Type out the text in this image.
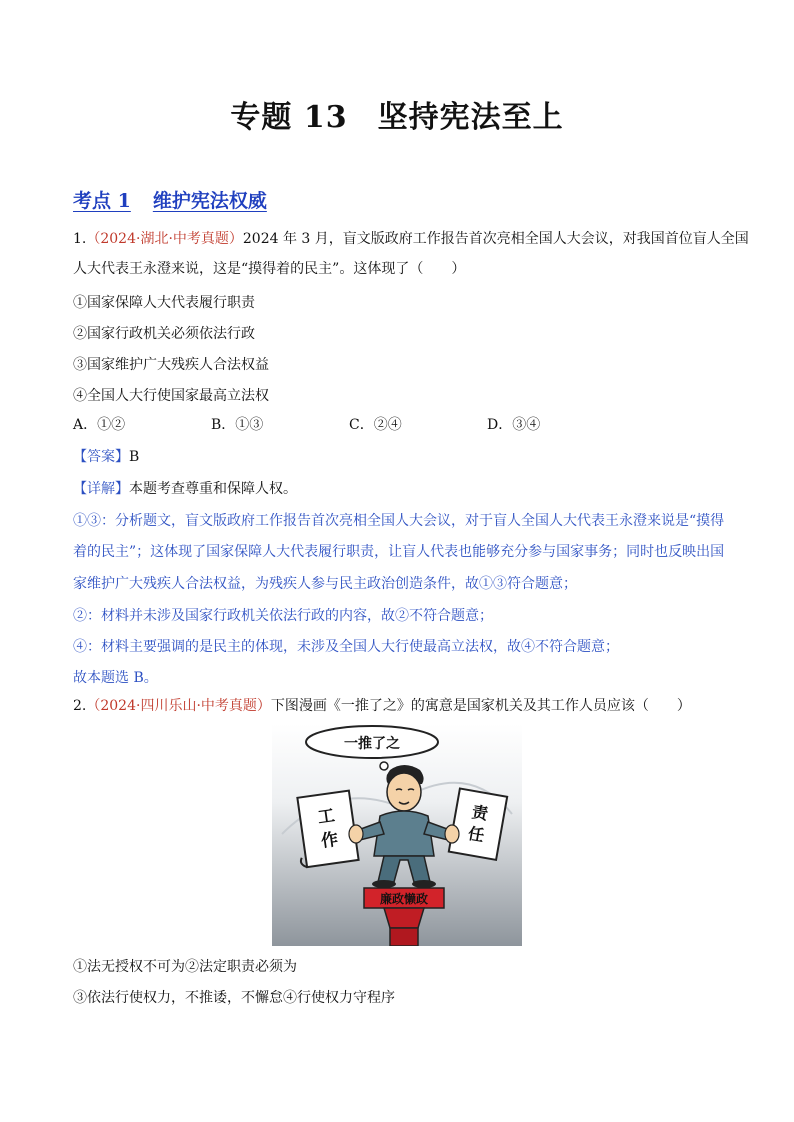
专题 13 坚持宪法至上
考点 1 维护宪法权威
1.（2024·湖北·中考真题）2024 年 3 月，盲文版政府工作报告首次亮相全国人大会议，对我国首位盲人全国
人大代表王永澄来说，这是“摸得着的民主”。这体现了（　　）
①国家保障人大代表履行职责
②国家行政机关必须依法行政
③国家维护广大残疾人合法权益
④全国人大行使国家最高立法权
A．①②	B．①③	C．②④	D．③④
【答案】B
【详解】本题考查尊重和保障人权。
①③：分析题文，盲文版政府工作报告首次亮相全国人大会议，对于盲人全国人大代表王永澄来说是“摸得
着的民主”；这体现了国家保障人大代表履行职责，让盲人代表也能够充分参与国家事务；同时也反映出国
家维护广大残疾人合法权益，为残疾人参与民主政治创造条件，故①③符合题意；
②：材料并未涉及国家行政机关依法行政的内容，故②不符合题意；
④：材料主要强调的是民主的体现，未涉及全国人大行使最高立法权，故④不符合题意；
故本题选 B。
2.（2024·四川乐山·中考真题）下图漫画《一推了之》的寓意是国家机关及其工作人员应该（　　）
一推了之
工
作
责
任
廉政懒政
①法无授权不可为②法定职责必须为
③依法行使权力，不推诿，不懈怠④行使权力守程序
